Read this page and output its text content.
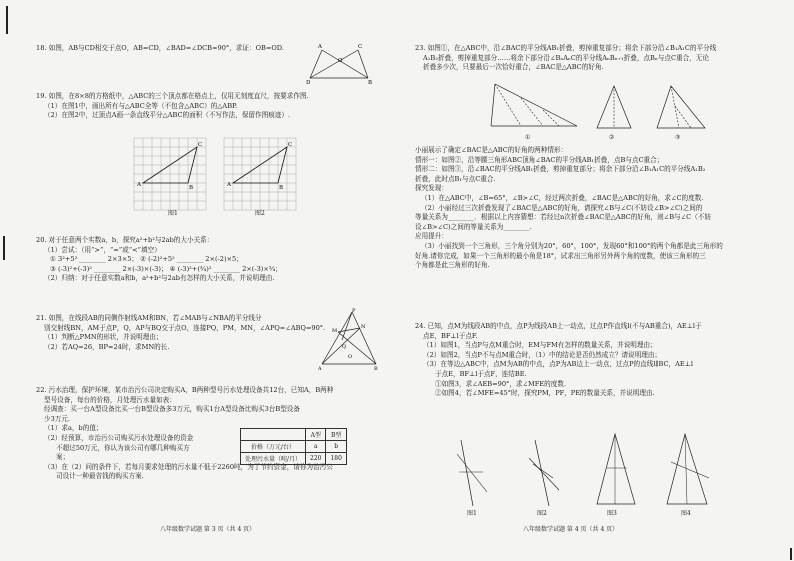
18. 如图，AB与CD相交于点O，AB=CD，∠BAD=∠DCB=90°，求证：OB=OD.	A	C
O
D	B

19. 如图，在8×8的方格纸中，△ABC的三个顶点都在格点上，仅用无刻度直尺，按要求作图.

（1）在图1中，画出所有与△ABC全等（不包含△ABC）的△ABP.

（2）在图2中，过顶点A画一条直线平分△ABC的面积（不写作法，保留作图痕迹）.

A	B
C
A	B
C
图1	图2

20. 对于任意两个实数a，b，探究a²+b²与2ab的大小关系：

（1）尝试：（用“>”，“=”或“<”填空）

① 3²+5² ________ 2×3×5； ② (-2)²+5² ________ 2×(-2)×5；

③ (-3)²+(-3)² ________ 2×(-3)×(-3)； ④ (-3)²+(¾)² ________ 2×(-3)×¾；

（2）归纳：对于任意实数a和b，a²+b²与2ab有怎样的大小关系，并说明理由.

21. 如图，在线段AB的同侧作射线AM和BN，若∠MAB与∠NBA的平分线分

别交射线BN，AM于点P，Q，AP与BQ交于点O，连接PQ，PM，MN，∠APQ=∠ABQ=90°.

（1）判断△PMN的形状，并说明理由；

（2）若AQ=26，BP=24时，求MN的长.

P
M
N
Q
A	B
O

22. 污水治理，保护环境，某市治污公司决定购买A，B两种型号污水处理设备共12台，已知A，B两种

型号设备，每台的价格，月处理污水量如表：

经调查：买一台A型设备比买一台B型设备多3万元，购买1台A型设备比购买3台B型设备

少3万元.

（1）求a，b的值；

（2）经预算，市治污公司购买污水处理设备的资金

不超过50万元，你认为该公司有哪几种购买方

案；

（3）在（2）问的条件下，若每月要求处理的污水量不低于2260吨，为了节约资金，请你为治污公

司设计一种最省钱的购买方案.

	A型	B型
价格（万元/台）	a	b
处理污水量（吨/月）	220	180
八年级数学试题 第 3 页（共 4 页）

23. 如图①，在△ABC中，沿∠BAC的平分线AB₁折叠，剪掉重复部分；将余下部分沿∠B₁A₁C的平分线

A₁B₂折叠，剪掉重复部分……将余下部分沿∠BₙAₙC的平分线AₙBₙ₊₁折叠，点Bₙ与点C重合，无论

折叠多少次，只要最后一次恰好重合，∠BAC是△ABC的好角.

①	②	③

小丽展示了确定∠BAC是△ABC的好角的两种情形：

情形一：如图②，沿等腰三角形ABC顶角∠BAC的平分线AB₁折叠，点B与点C重合；

情形二：如图③，沿∠BAC的平分线AB₁折叠，剪掉重复部分；将余下部分沿∠B₁A₁C的平分线A₁B₂

折叠，此时点B₁与点C重合.

探究发现：

（1）在△ABC中，∠B=65°，∠B>∠C，经过两次折叠，∠BAC是△ABC的好角，求∠C的度数.

（2）小丽经过三次折叠发现了∠BAC是△ABC的好角，请探究∠B与∠C(不妨设∠B>∠C)之间的

等量关系为________．根据以上内容猜想：若经过n次折叠∠BAC是△ABC的好角，则∠B与∠C（不妨

设∠B>∠C)之间的等量关系为________.

应用提升：

（3）小丽找到一个三角形，三个角分别为20°，60°，100°，发现60°和100°的两个角都是此三角形的

好角.请你完成，如果一个三角形的最小角是18°，试求出三角形另外两个角的度数，使该三角形的三

个角都是此三角形的好角.

24. 已知，点M为线段AB的中点，点P为线段AB上一动点，过点P作直线l(不与AB重合)，AE⊥l于

点E，BF⊥l于点F.

（1）如图1，当点P与点M重合时，EM与FM有怎样的数量关系，并说明理由；

（2）如图2，当点P不与点M重合时，（1）中的结论是否仍然成立？请说明理由；

（3）在等边△ABC中，点M为AB的中点，点P为AB边上一动点，过点P的直线l∥BC，AE⊥l

于点E，BF⊥l于点F，连结BE.

①如图3，求∠AEB=90°，求∠MFE的度数.

②如图4，若∠MFE=45°时，探究PM，PF，PE的数量关系，并说明理由.

图1	图2	图3	图4
八年级数学试题 第 4 页（共 4 页）
